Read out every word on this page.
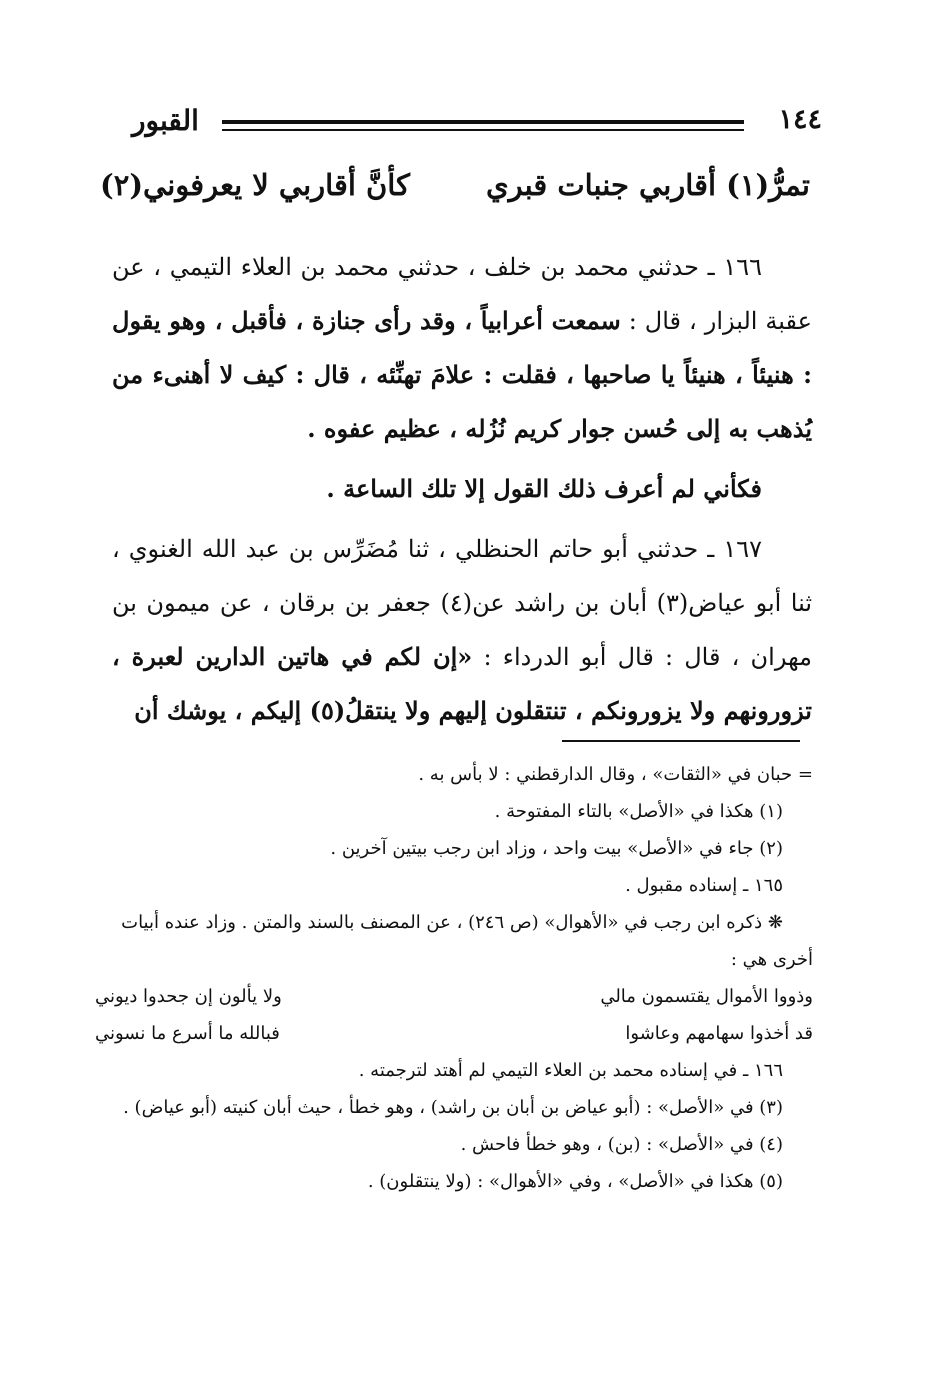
١٤٤
القبور
تمرُّ(١) أقاربي جنبات قبري
كأنَّ أقاربي لا يعرفوني(٢)

١٦٦ ـ حدثني محمد بن خلف ، حدثني محمد بن العلاء التيمي ، عن عقبة البزار ، قال : سمعت أعرابياً ، وقد رأى جنازة ، فأقبل ، وهو يقول : هنيئاً ، هنيئاً يا صاحبها ، فقلت : علامَ تهنِّئه ، قال : كيف لا أهنىء من يُذهب به إلى حُسن جوار كريم نُزُله ، عظيم عفوه .

فكأني لم أعرف ذلك القول إلا تلك الساعة .

١٦٧ ـ حدثني أبو حاتم الحنظلي ، ثنا مُضَرِّس بن عبد الله الغنوي ، ثنا أبو عياض(٣) أبان بن راشد عن(٤) جعفر بن برقان ، عن ميمون بن مهران ، قال : قال أبو الدرداء : «إن لكم في هاتين الدارين لعبرة ، تزورونهم ولا يزورونكم ، تنتقلون إليهم ولا ينتقلُ(٥) إليكم ، يوشك أن

= حبان في «الثقات» ، وقال الدارقطني : لا بأس به .

(١) هكذا في «الأصل» بالتاء المفتوحة .

(٢) جاء في «الأصل» بيت واحد ، وزاد ابن رجب بيتين آخرين .

١٦٥ ـ إسناده مقبول .

❋ ذكره ابن رجب في «الأهوال» (ص ٢٤٦) ، عن المصنف بالسند والمتن . وزاد عنده أبيات أخرى هي :

وذووا الأموال يقتسمون مالي
ولا يألون إن جحدوا ديوني
قد أخذوا سهامهم وعاشوا
فبالله ما أسرع ما نسوني

١٦٦ ـ في إسناده محمد بن العلاء التيمي لم أهتد لترجمته .

(٣) في «الأصل» : (أبو عياض بن أبان بن راشد) ، وهو خطأ ، حيث أبان كنيته (أبو عياض) .

(٤) في «الأصل» : (بن) ، وهو خطأ فاحش .

(٥) هكذا في «الأصل» ، وفي «الأهوال» : (ولا ينتقلون) .
